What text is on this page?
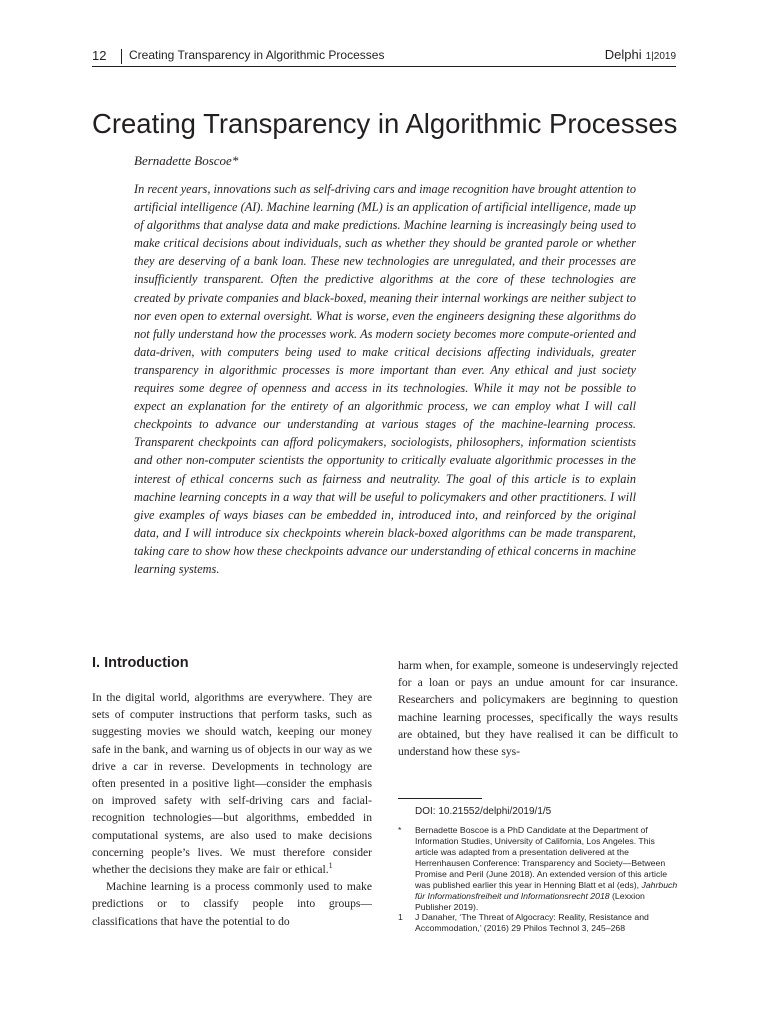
12 Creating Transparency in Algorithmic Processes	Delphi 1|2019
Creating Transparency in Algorithmic Processes
Bernadette Boscoe*
In recent years, innovations such as self-driving cars and image recognition have brought attention to artificial intelligence (AI). Machine learning (ML) is an application of artificial intelligence, made up of algorithms that analyse data and make predictions. Machine learning is increasingly being used to make critical decisions about individuals, such as whether they should be granted parole or whether they are deserving of a bank loan. These new technologies are unregulated, and their processes are insufficiently transparent. Often the predictive algorithms at the core of these technologies are created by private companies and black-boxed, meaning their internal workings are neither subject to nor even open to external oversight. What is worse, even the engineers designing these algorithms do not fully understand how the processes work. As modern society becomes more compute-oriented and data-driven, with computers being used to make critical decisions affecting individuals, greater transparency in algorithmic processes is more important than ever. Any ethical and just society requires some degree of openness and access in its technologies. While it may not be possible to expect an explanation for the entirety of an algorithmic process, we can employ what I will call checkpoints to advance our understanding at various stages of the machine-learning process. Transparent checkpoints can afford policymakers, sociologists, philosophers, information scientists and other non-computer scientists the opportunity to critically evaluate algorithmic processes in the interest of ethical concerns such as fairness and neutrality. The goal of this article is to explain machine learning concepts in a way that will be useful to policymakers and other practitioners. I will give examples of ways biases can be embedded in, introduced into, and reinforced by the original data, and I will introduce six checkpoints wherein black-boxed algorithms can be made transparent, taking care to show how these checkpoints advance our understanding of ethical concerns in machine learning systems.
I. Introduction

In the digital world, algorithms are everywhere. They are sets of computer instructions that perform tasks, such as suggesting movies we should watch, keeping our money safe in the bank, and warning us of objects in our way as we drive a car in reverse. Developments in technology are often presented in a positive light—consider the emphasis on improved safety with self-driving cars and facial-recognition technologies—but algorithms, embedded in computational systems, are also used to make decisions concerning people’s lives. We must therefore consider whether the decisions they make are fair or ethical.$^1$

Machine learning is a process commonly used to make predictions or to classify people into groups—classifications that have the potential to do

harm when, for example, someone is undeservingly rejected for a loan or pays an undue amount for car insurance. Researchers and policymakers are beginning to question machine learning processes, specifically the ways results are obtained, but they have realised it can be difficult to understand how these sys-

DOI: 10.21552/delphi/2019/1/5
*	Bernadette Boscoe is a PhD Candidate at the Department of Information Studies, University of California, Los Angeles. This article was adapted from a presentation delivered at the Herrenhausen Conference: Transparency and Society—Between Promise and Peril (June 2018). An extended version of this article was published earlier this year in Henning Blatt et al (eds), Jahrbuch für Informationsfreiheit und Informationsrecht 2018 (Lexxion Publisher 2019).
1	J Danaher, ‘The Threat of Algocracy: Reality, Resistance and Accommodation,’ (2016) 29 Philos Technol 3, 245–268
